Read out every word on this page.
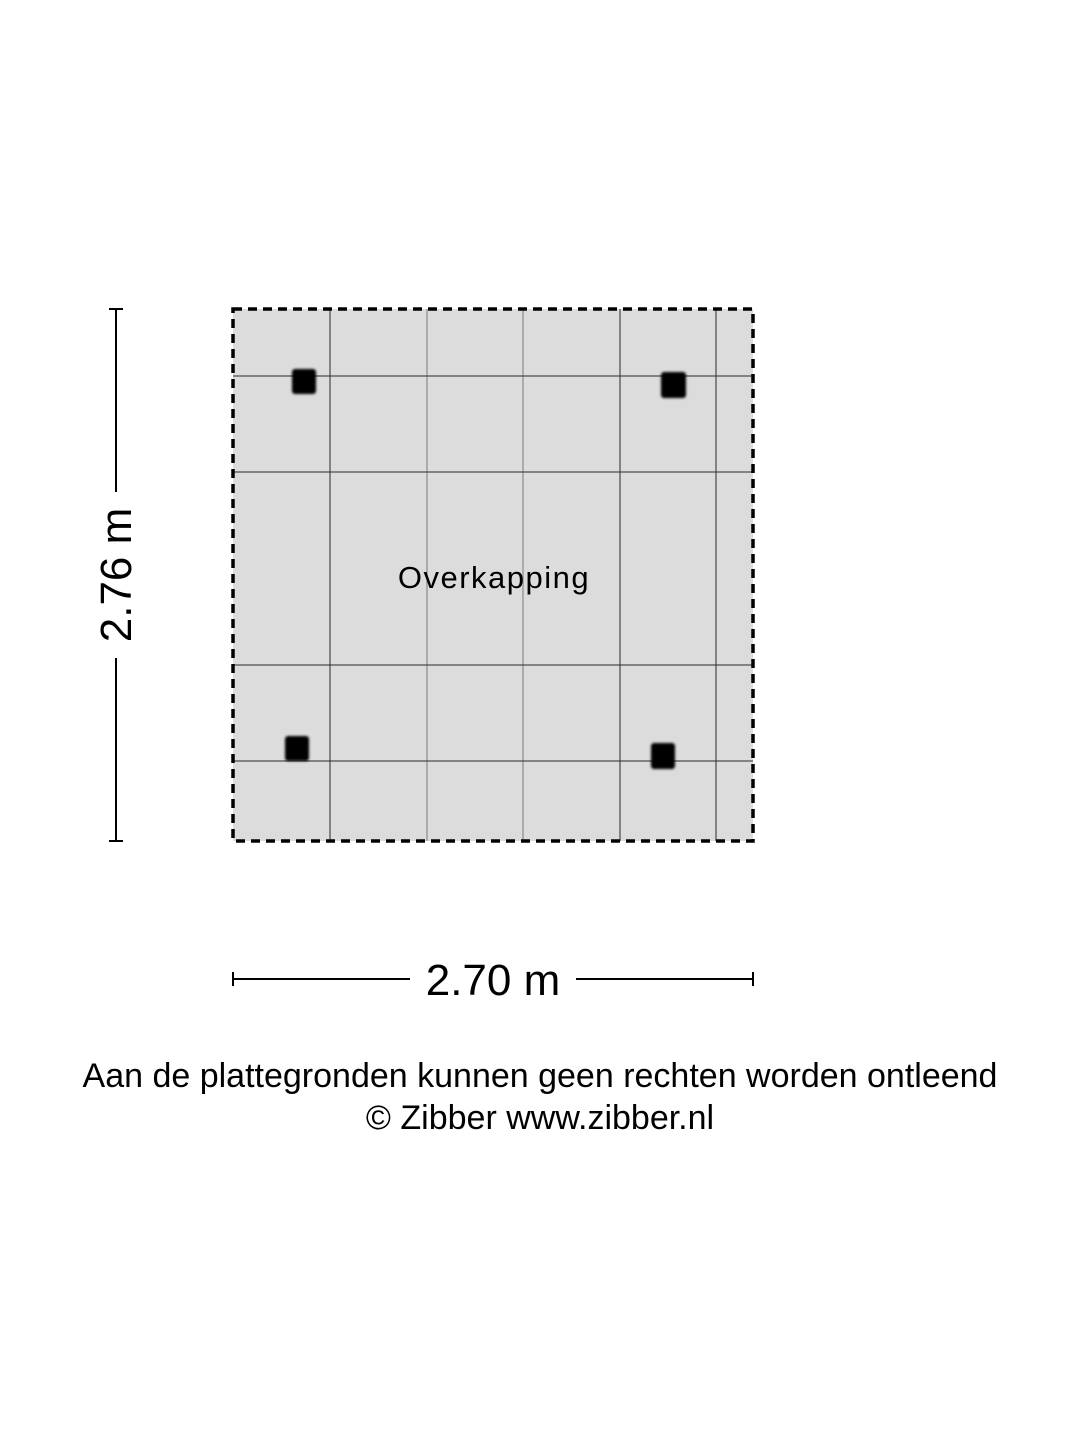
Overkapping
2.76 m
2.70 m
Aan de plattegronden kunnen geen rechten worden ontleend
© Zibber www.zibber.nl
